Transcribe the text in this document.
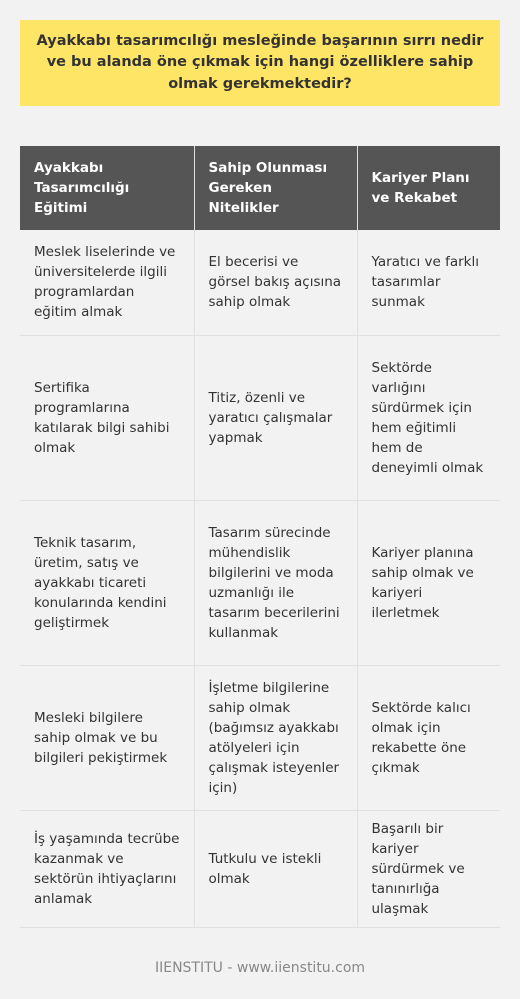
Ayakkabı tasarımcılığı mesleğinde başarının sırrı nedir ve bu alanda öne çıkmak için hangi özelliklere sahip olmak gerekmektedir?
Ayakkabı Tasarımcılığı Eğitimi	Sahip Olunması Gereken Nitelikler	Kariyer Planı ve Rekabet
Meslek liselerinde ve üniversitelerde ilgili programlardan eğitim almak	El becerisi ve görsel bakış açısına sahip olmak	Yaratıcı ve farklı tasarımlar sunmak
Sertifika programlarına katılarak bilgi sahibi olmak	Titiz, özenli ve yaratıcı çalışmalar yapmak	Sektörde varlığını sürdürmek için hem eğitimli hem de deneyimli olmak
Teknik tasarım, üretim, satış ve ayakkabı ticareti konularında kendini geliştirmek	Tasarım sürecinde mühendislik bilgilerini ve moda uzmanlığı ile tasarım becerilerini kullanmak	Kariyer planına sahip olmak ve kariyeri ilerletmek
Mesleki bilgilere sahip olmak ve bu bilgileri pekiştirmek	İşletme bilgilerine sahip olmak (bağımsız ayakkabı atölyeleri için çalışmak isteyenler için)	Sektörde kalıcı olmak için rekabette öne çıkmak
İş yaşamında tecrübe kazanmak ve sektörün ihtiyaçlarını anlamak	Tutkulu ve istekli olmak	Başarılı bir kariyer sürdürmek ve tanınırlığa ulaşmak
IIENSTITU - www.iienstitu.com
